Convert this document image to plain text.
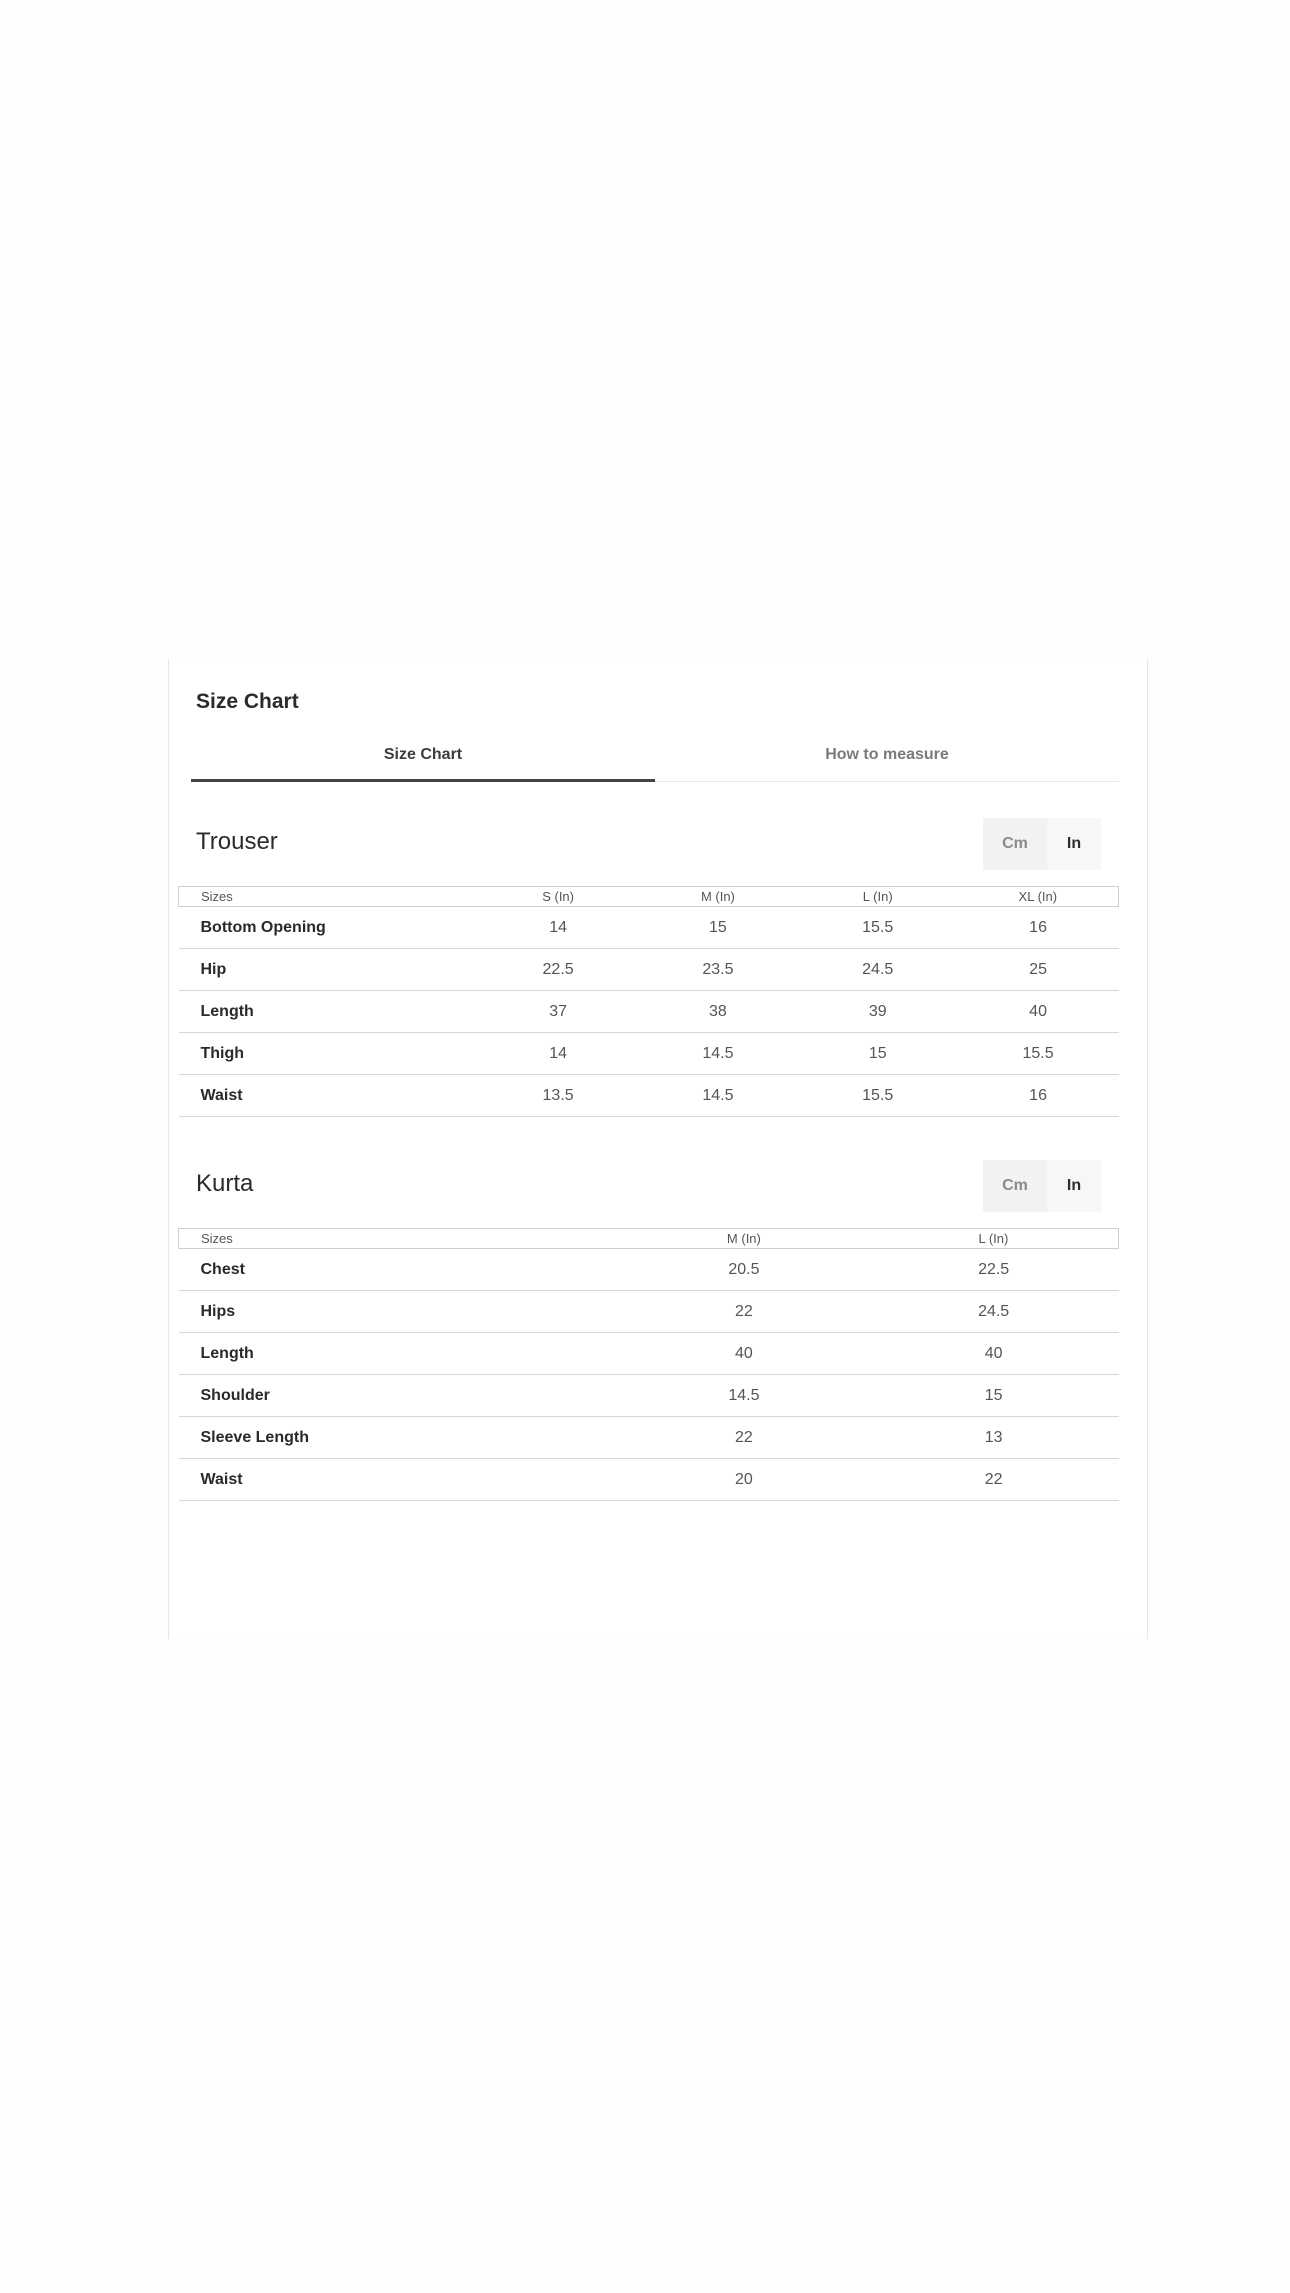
Size Chart
Size Chart	How to measure
Trouser	Cm	In
Sizes	S (In)	M (In)	L (In)	XL (In)
Bottom Opening	14	15	15.5	16
Hip	22.5	23.5	24.5	25
Length	37	38	39	40
Thigh	14	14.5	15	15.5
Waist	13.5	14.5	15.5	16
Kurta	Cm	In
Sizes	M (In)	L (In)
Chest	20.5	22.5
Hips	22	24.5
Length	40	40
Shoulder	14.5	15
Sleeve Length	22	13
Waist	20	22
